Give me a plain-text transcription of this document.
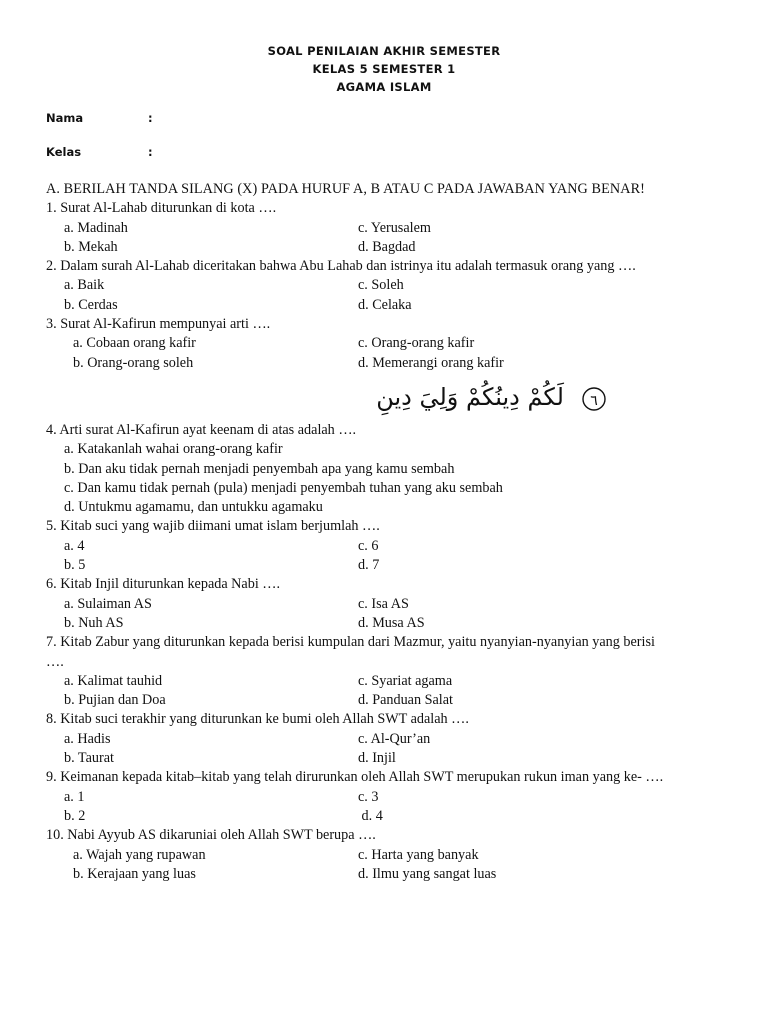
SOAL PENILAIAN AKHIR SEMESTER
KELAS 5 SEMESTER 1
AGAMA ISLAM
Nama	:
Kelas	:
A. BERILAH TANDA SILANG (X) PADA HURUF A, B ATAU C PADA JAWABAN YANG BENAR!
1. Surat Al-Lahab diturunkan di kota ….
a. Madinah	c. Yerusalem
b. Mekah	d. Bagdad
2. Dalam surah Al-Lahab diceritakan bahwa Abu Lahab dan istrinya itu adalah termasuk orang yang ….
a. Baik	c. Soleh
b. Cerdas	d. Celaka
3. Surat Al-Kafirun mempunyai arti ….
a. Cobaan orang kafir	c. Orang-orang kafir
b. Orang-orang soleh	d. Memerangi orang kafir
لَكُمْ دِينُكُمْ وَلِيَ دِينِ ٦
4. Arti surat Al-Kafirun ayat keenam di atas adalah ….
a. Katakanlah wahai orang-orang kafir
b. Dan aku tidak pernah menjadi penyembah apa yang kamu sembah
c. Dan kamu tidak pernah (pula) menjadi penyembah tuhan yang aku sembah
d. Untukmu agamamu, dan untukku agamaku
5. Kitab suci yang wajib diimani umat islam berjumlah ….
a. 4	c. 6
b. 5	d. 7
6. Kitab Injil diturunkan kepada Nabi ….
a. Sulaiman AS	c. Isa AS
b. Nuh AS	d. Musa AS
7. Kitab Zabur yang diturunkan kepada berisi kumpulan dari Mazmur, yaitu nyanyian-nyanyian yang berisi
….
a. Kalimat tauhid	c. Syariat agama
b. Pujian dan Doa	d. Panduan Salat
8. Kitab suci terakhir yang diturunkan ke bumi oleh Allah SWT adalah ….
a. Hadis	c. Al-Qur’an
b. Taurat	d. Injil
9. Keimanan kepada kitab–kitab yang telah dirurunkan oleh Allah SWT merupukan rukun iman yang ke- ….
a. 1	c. 3
b. 2	d. 4
10. Nabi Ayyub AS dikaruniai oleh Allah SWT berupa ….
a. Wajah yang rupawan	c. Harta yang banyak
b. Kerajaan yang luas	d. Ilmu yang sangat luas
